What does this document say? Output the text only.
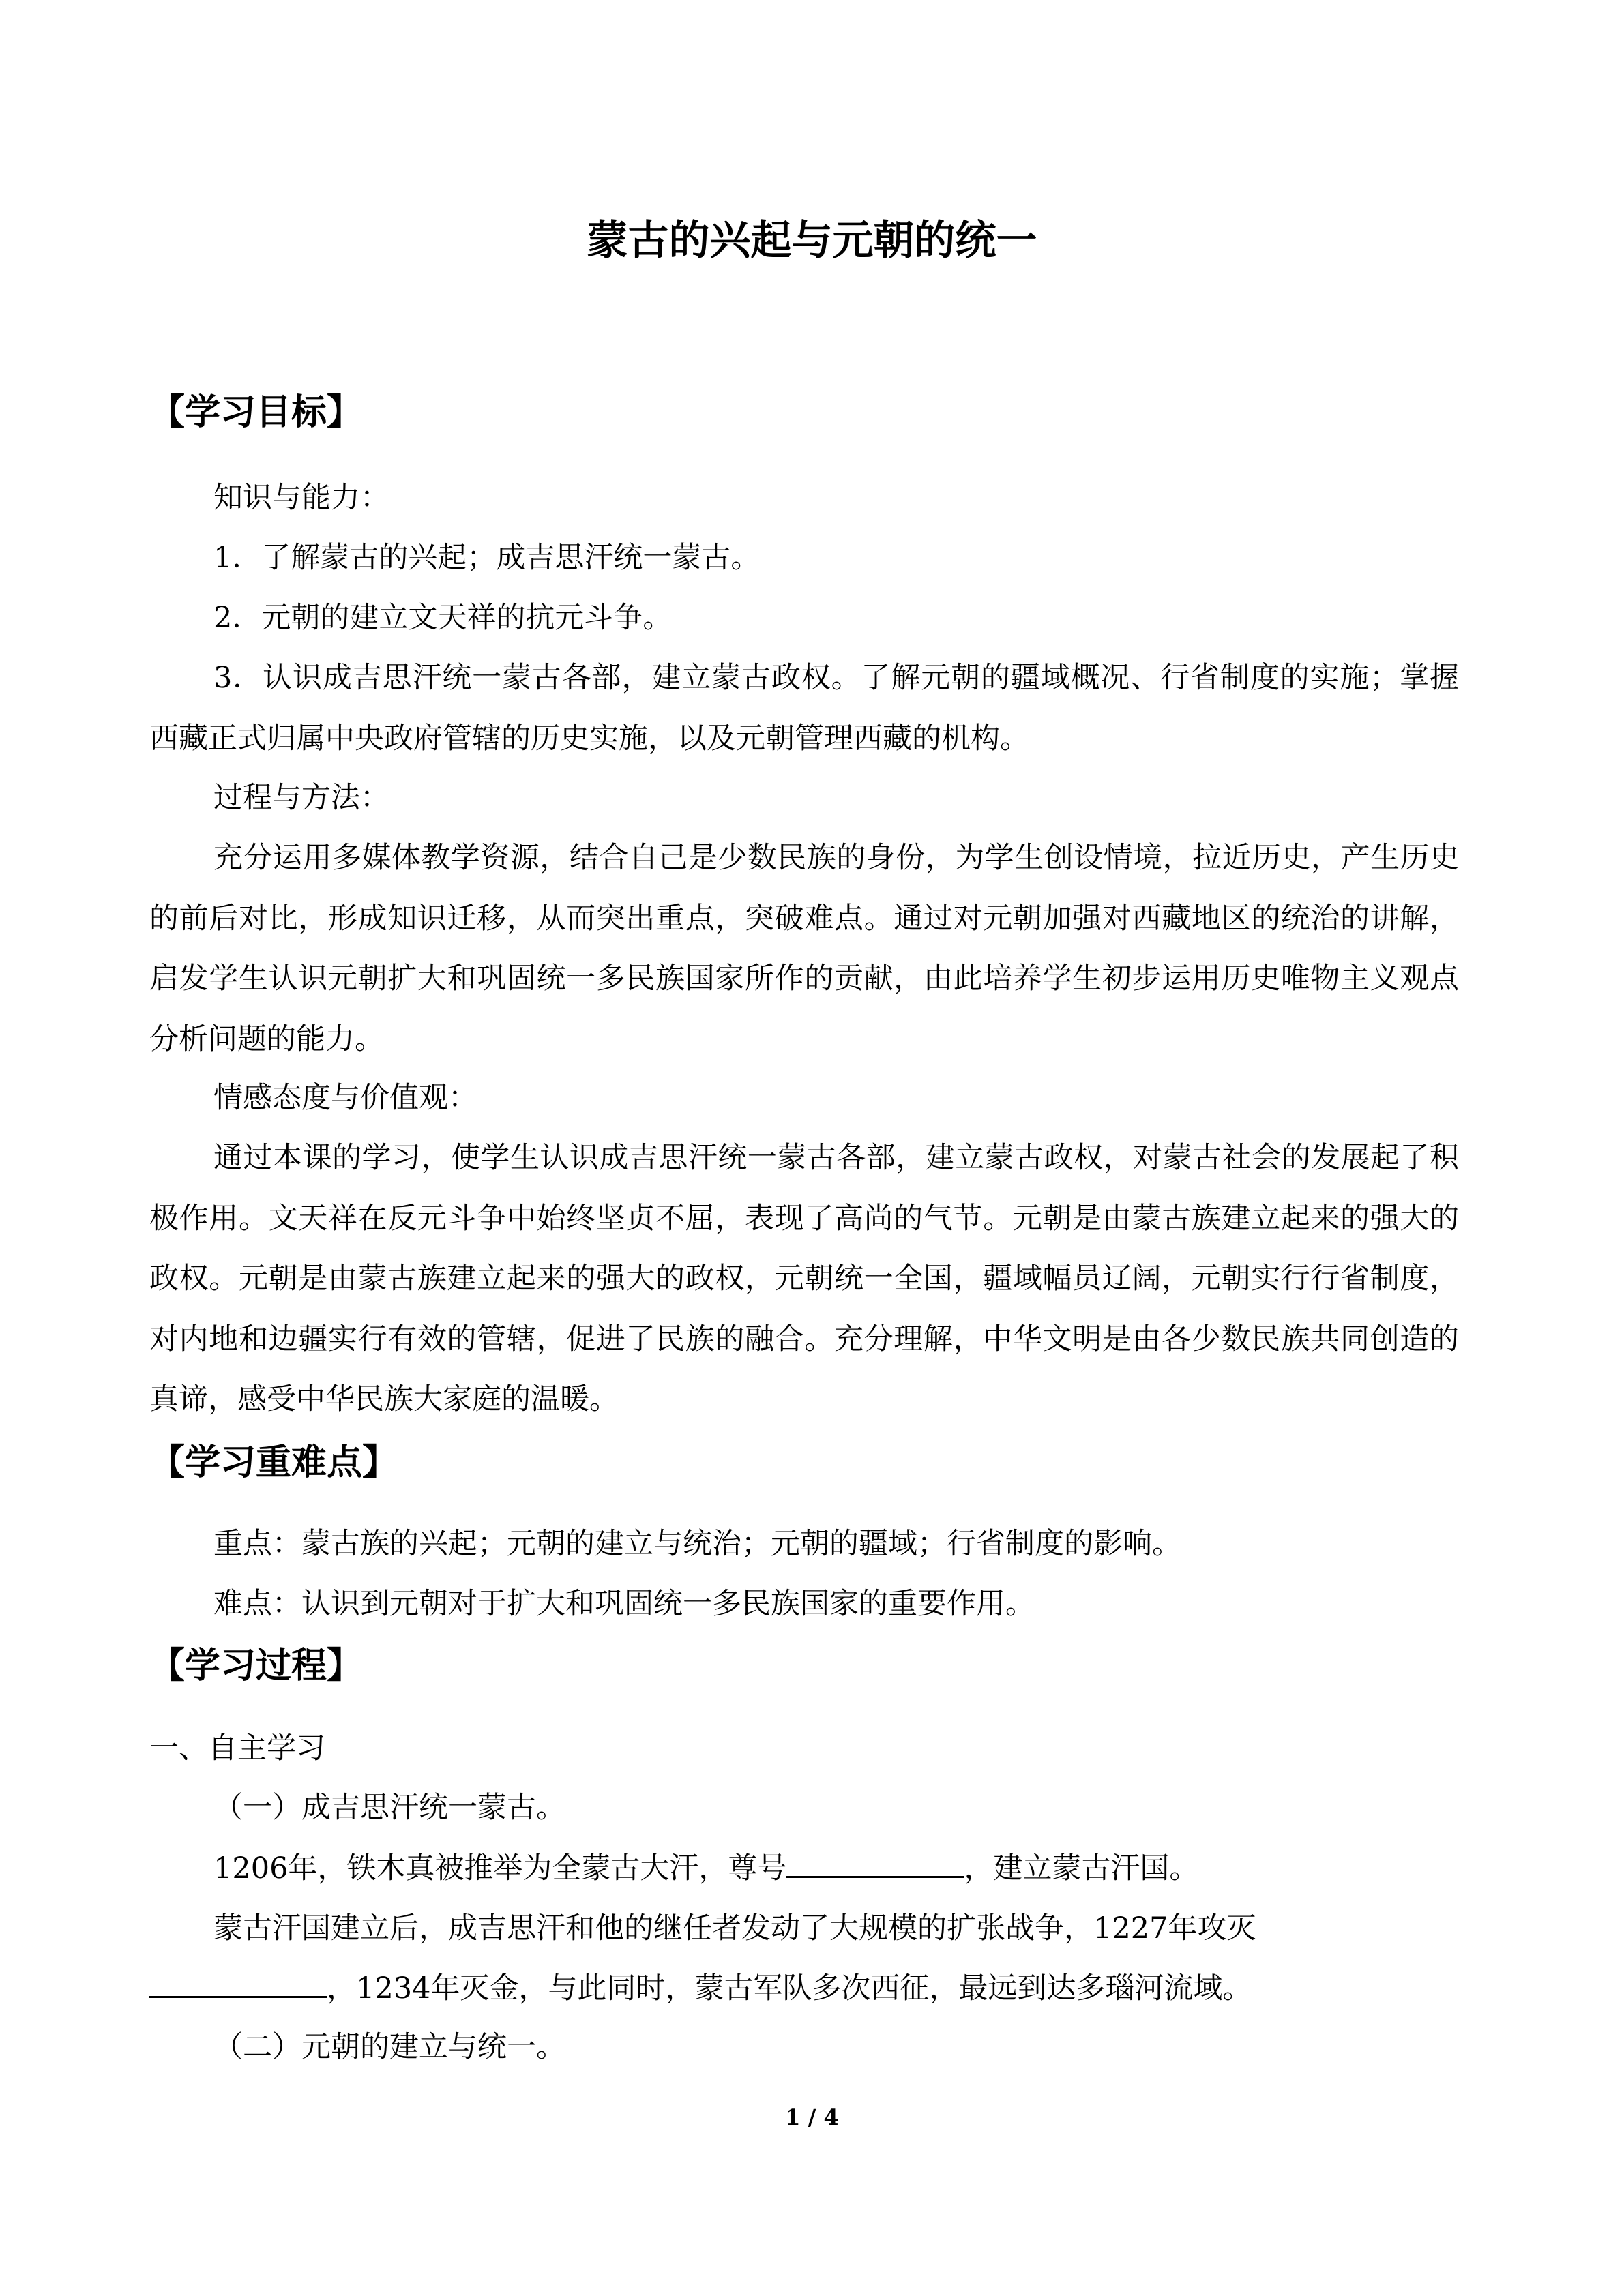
蒙古的兴起与元朝的统一
【学习目标】
知识与能力：
1．了解蒙古的兴起；成吉思汗统一蒙古。
2．元朝的建立文天祥的抗元斗争。
3．认识成吉思汗统一蒙古各部，建立蒙古政权。了解元朝的疆域概况、行省制度的实施；掌握西藏正式归属中央政府管辖的历史实施，以及元朝管理西藏的机构。
过程与方法：
充分运用多媒体教学资源，结合自己是少数民族的身份，为学生创设情境，拉近历史，产生历史的前后对比，形成知识迁移，从而突出重点，突破难点。通过对元朝加强对西藏地区的统治的讲解，启发学生认识元朝扩大和巩固统一多民族国家所作的贡献，由此培养学生初步运用历史唯物主义观点分析问题的能力。
情感态度与价值观：
通过本课的学习，使学生认识成吉思汗统一蒙古各部，建立蒙古政权，对蒙古社会的发展起了积极作用。文天祥在反元斗争中始终坚贞不屈，表现了高尚的气节。元朝是由蒙古族建立起来的强大的政权。元朝是由蒙古族建立起来的强大的政权，元朝统一全国，疆域幅员辽阔，元朝实行行省制度，对内地和边疆实行有效的管辖，促进了民族的融合。充分理解，中华文明是由各少数民族共同创造的真谛，感受中华民族大家庭的温暖。
【学习重难点】
重点：蒙古族的兴起；元朝的建立与统治；元朝的疆域；行省制度的影响。
难点：认识到元朝对于扩大和巩固统一多民族国家的重要作用。
【学习过程】
一、自主学习
（一）成吉思汗统一蒙古。
1206年，铁木真被推举为全蒙古大汗，尊号	，建立蒙古汗国。
蒙古汗国建立后，成吉思汗和他的继任者发动了大规模的扩张战争，1227年攻灭
，1234年灭金，与此同时，蒙古军队多次西征，最远到达多瑙河流域。
（二）元朝的建立与统一。
1 / 4
